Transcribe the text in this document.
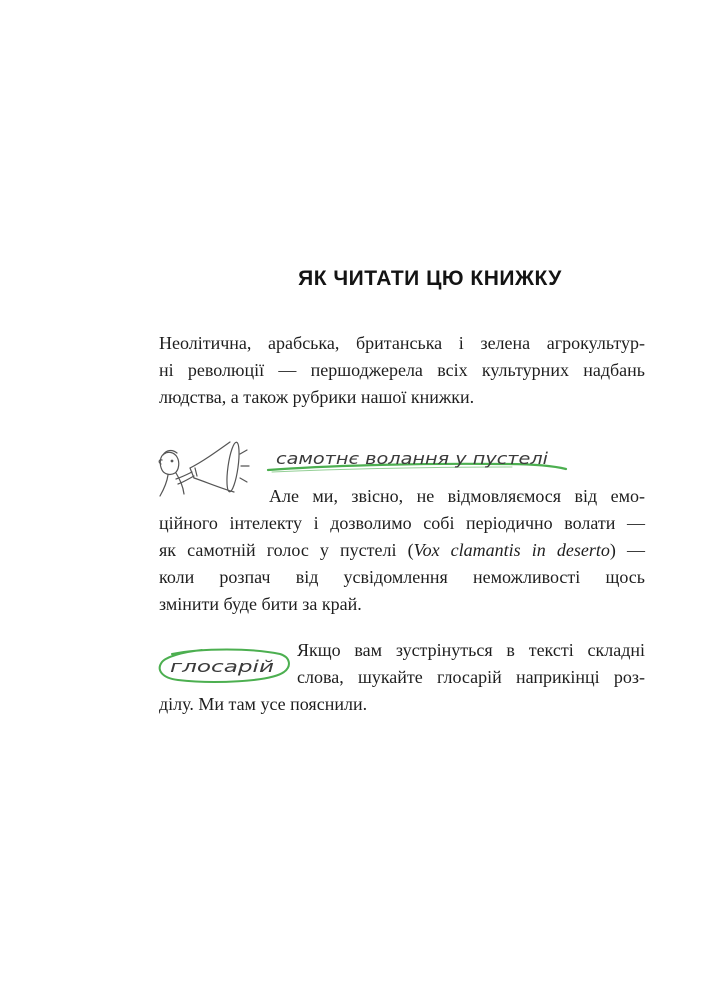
ЯК ЧИТАТИ ЦЮ КНИЖКУ
Неолітична, арабська, британська і зелена агрокультур-
ні революції — першоджерела всіх культурних надбань
людства, а також рубрики нашої книжки.
самотнє волання у пустелі
Але ми, звісно, не відмовляємося від емо-
ційного інтелекту і дозволимо собі періодично волати —
як самотній голос у пустелі (Vox clamantis in deserto) —
коли розпач від усвідомлення неможливості щось
змінити буде бити за край.
глосарій
Якщо вам зустрінуться в тексті складні
слова, шукайте глосарій наприкінці роз-
ділу. Ми там усе пояснили.
